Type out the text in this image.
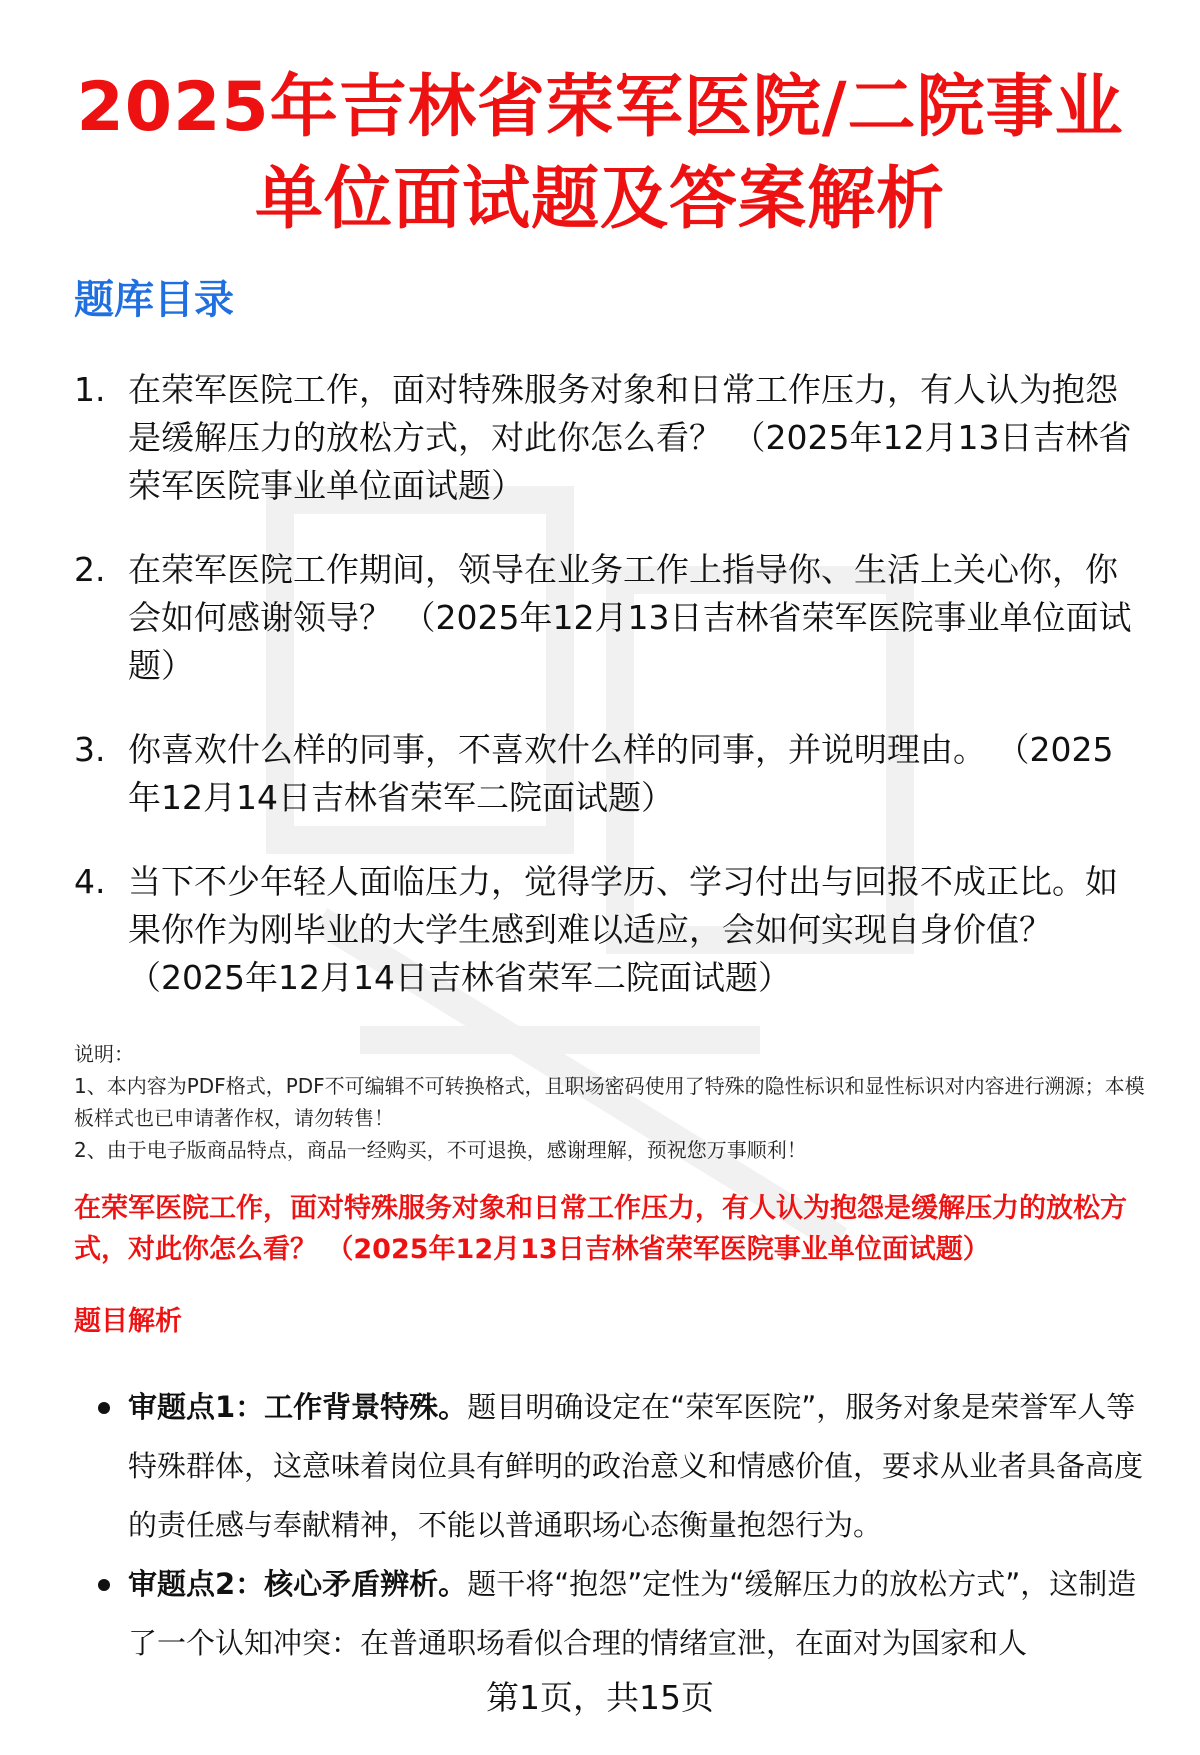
2025年吉林省荣军医院/二院事业
单位面试题及答案解析
题库目录
1. 在荣军医院工作，面对特殊服务对象和日常工作压力，有人认为抱怨是缓解压力的放松方式，对此你怎么看？ （2025年12月13日吉林省荣军医院事业单位面试题）
2. 在荣军医院工作期间，领导在业务工作上指导你、生活上关心你，你会如何感谢领导？ （2025年12月13日吉林省荣军医院事业单位面试题）
3. 你喜欢什么样的同事，不喜欢什么样的同事，并说明理由。 （2025年12月14日吉林省荣军二院面试题）
4. 当下不少年轻人面临压力，觉得学历、学习付出与回报不成正比。如果你作为刚毕业的大学生感到难以适应，会如何实现自身价值？ （2025年12月14日吉林省荣军二院面试题）
说明：
1、本内容为PDF格式，PDF不可编辑不可转换格式，且职场密码使用了特殊的隐性标识和显性标识对内容进行溯源；本模板样式也已申请著作权，请勿转售！
2、由于电子版商品特点，商品一经购买，不可退换，感谢理解，预祝您万事顺利！
在荣军医院工作，面对特殊服务对象和日常工作压力，有人认为抱怨是缓解压力的放松方式，对此你怎么看？ （2025年12月13日吉林省荣军医院事业单位面试题）
题目解析
审题点1：工作背景特殊。题目明确设定在“荣军医院”，服务对象是荣誉军人等特殊群体，这意味着岗位具有鲜明的政治意义和情感价值，要求从业者具备高度的责任感与奉献精神，不能以普通职场心态衡量抱怨行为。
审题点2：核心矛盾辨析。题干将“抱怨”定性为“缓解压力的放松方式”，这制造了一个认知冲突：在普通职场看似合理的情绪宣泄，在面对为国家和人
第1页，共15页
